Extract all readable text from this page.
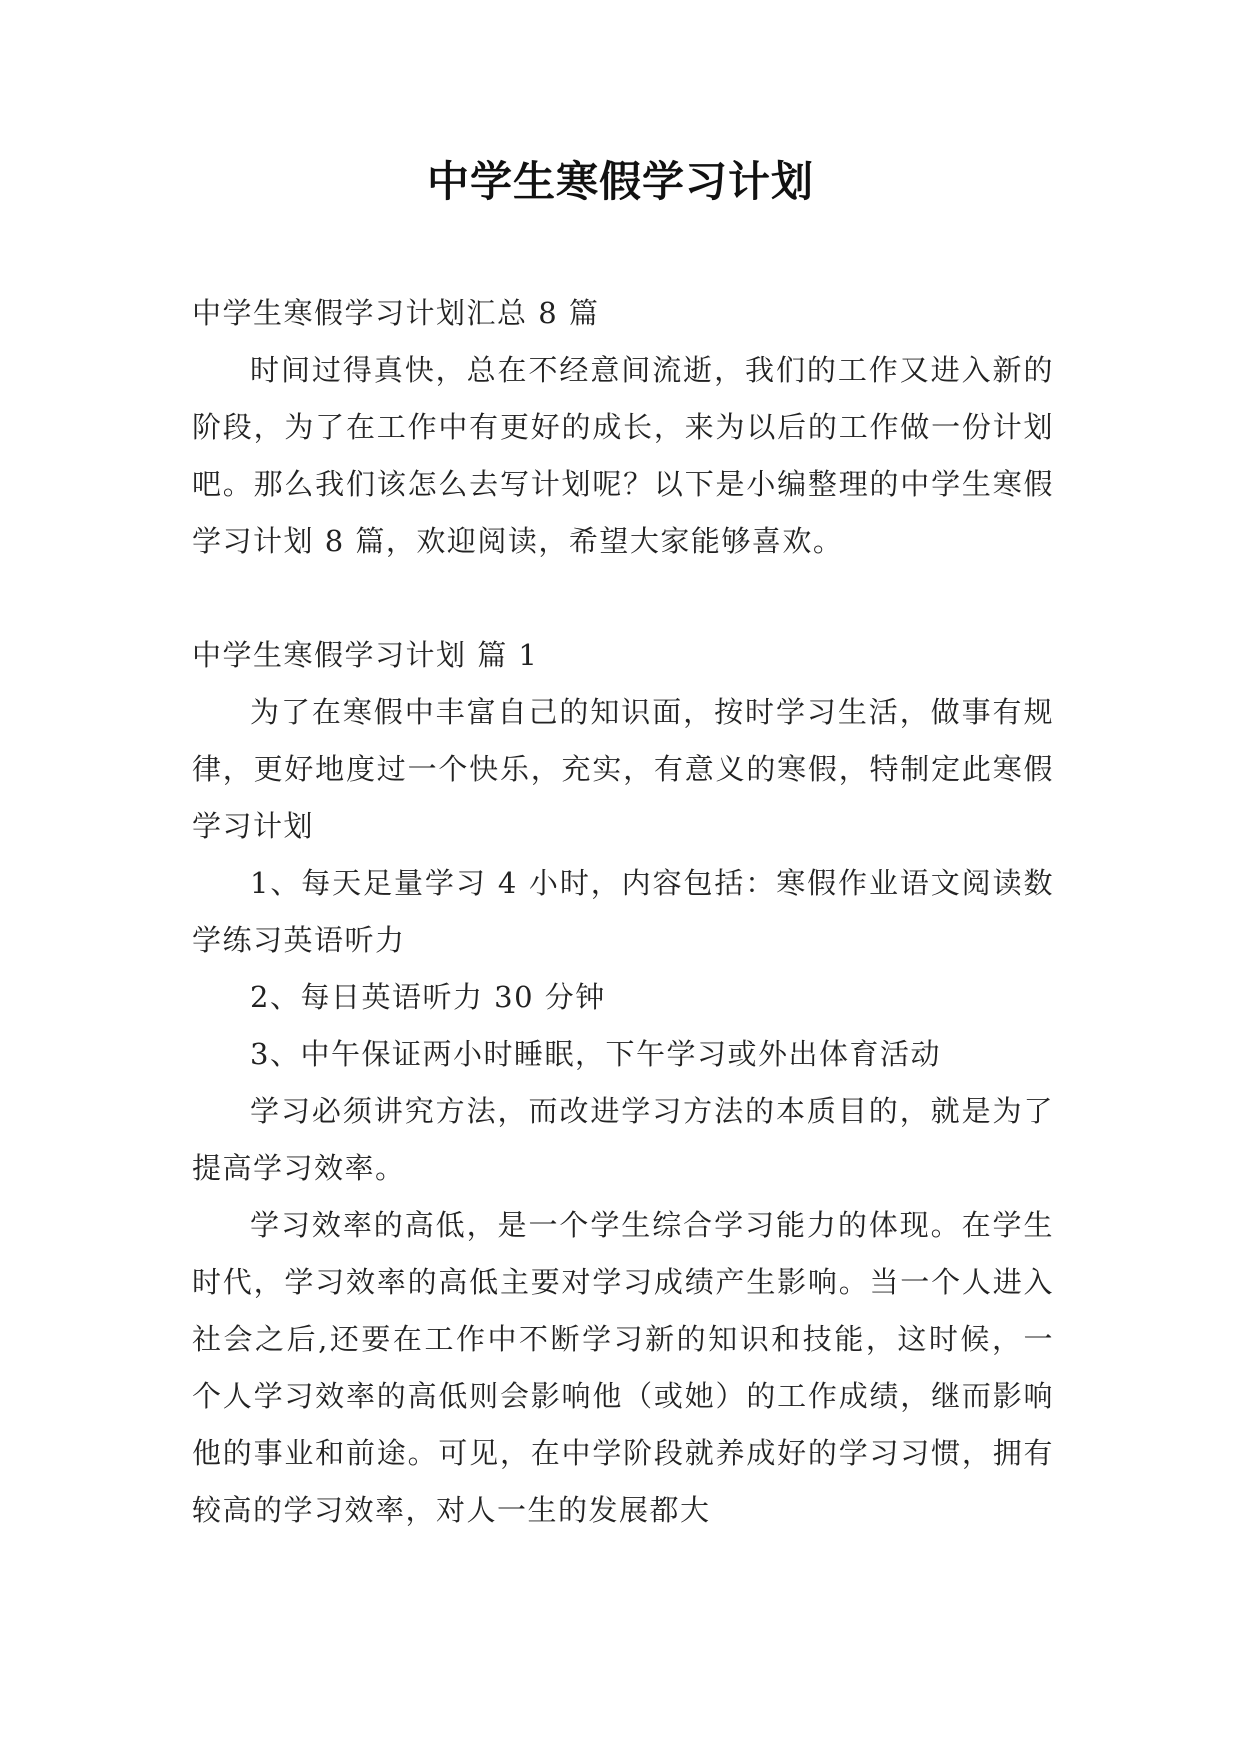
中学生寒假学习计划

中学生寒假学习计划汇总 8 篇

时间过得真快，总在不经意间流逝，我们的工作又进入新的阶段，为了在工作中有更好的成长，来为以后的工作做一份计划吧。那么我们该怎么去写计划呢？以下是小编整理的中学生寒假学习计划 8 篇，欢迎阅读，希望大家能够喜欢。

中学生寒假学习计划 篇 1

为了在寒假中丰富自己的知识面，按时学习生活，做事有规律，更好地度过一个快乐，充实，有意义的寒假，特制定此寒假学习计划

1、每天足量学习 4 小时，内容包括：寒假作业语文阅读数学练习英语听力

2、每日英语听力 30 分钟

3、中午保证两小时睡眠，下午学习或外出体育活动

学习必须讲究方法，而改进学习方法的本质目的，就是为了提高学习效率。

学习效率的高低，是一个学生综合学习能力的体现。在学生时代，学习效率的高低主要对学习成绩产生影响。当一个人进入社会之后,还要在工作中不断学习新的知识和技能，这时候，一个人学习效率的高低则会影响他（或她）的工作成绩，继而影响他的事业和前途。可见，在中学阶段就养成好的学习习惯，拥有较高的学习效率，对人一生的发展都大
